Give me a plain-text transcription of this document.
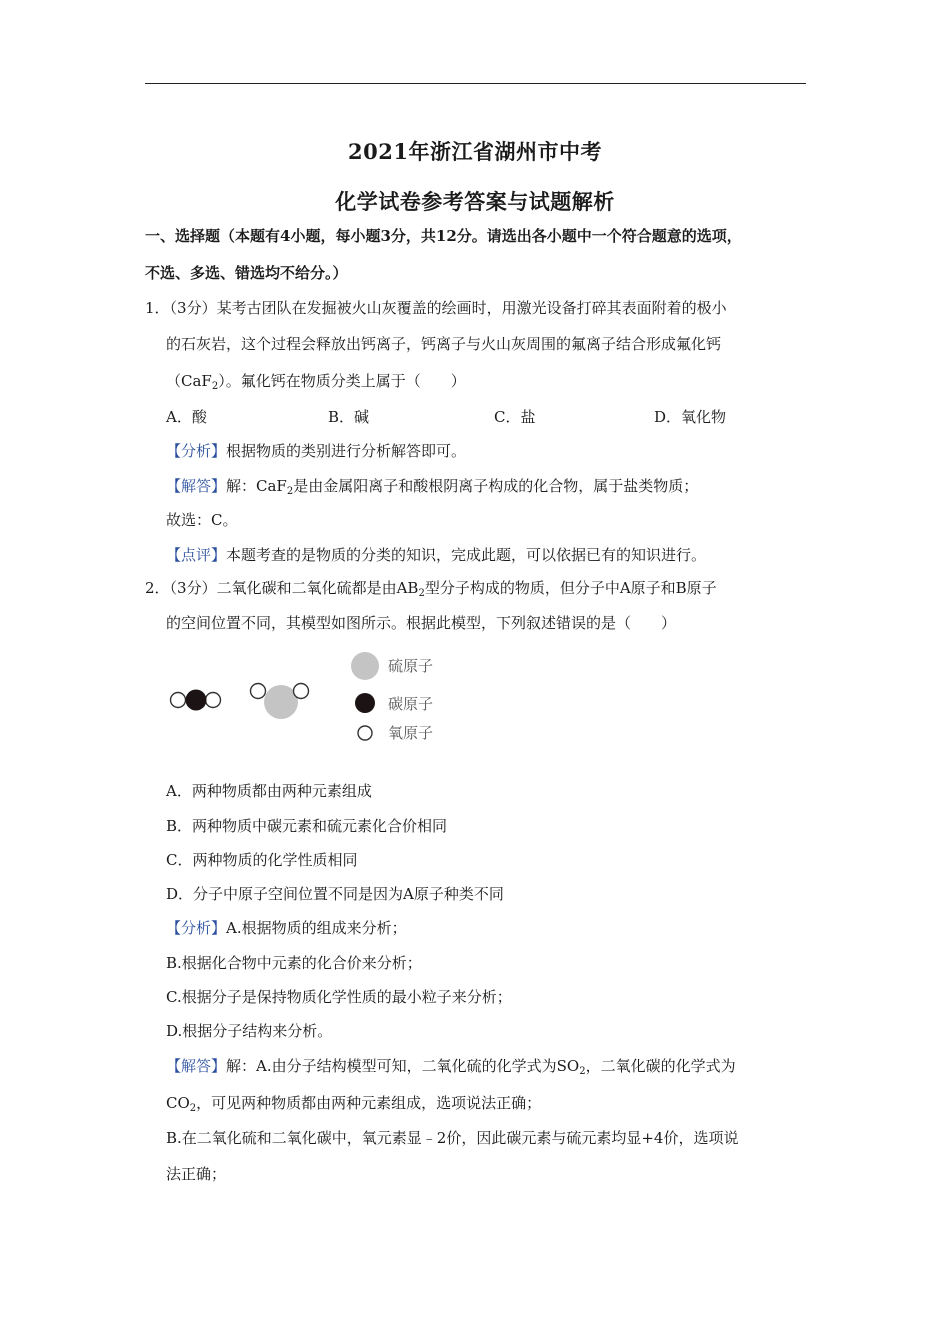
2021年浙江省湖州市中考
化学试卷参考答案与试题解析
一、选择题（本题有4小题，每小题3分，共12分。请选出各小题中一个符合题意的选项，
不选、多选、错选均不给分。）
1．（3分）某考古团队在发掘被火山灰覆盖的绘画时，用激光设备打碎其表面附着的极小
的石灰岩，这个过程会释放出钙离子，钙离子与火山灰周围的氟离子结合形成氟化钙
（CaF$_2$）。氟化钙在物质分类上属于（　　）
A．酸	B．碱	C．盐	D．氧化物
【分析】根据物质的类别进行分析解答即可。
【解答】解：CaF$_2$是由金属阳离子和酸根阴离子构成的化合物，属于盐类物质；
故选：C。
【点评】本题考查的是物质的分类的知识，完成此题，可以依据已有的知识进行。
2．（3分）二氧化碳和二氧化硫都是由$AB_2$型分子构成的物质，但分子中A原子和B原子
的空间位置不同，其模型如图所示。根据此模型，下列叙述错误的是（　　）
硫原子
碳原子
氧原子
A．两种物质都由两种元素组成
B．两种物质中碳元素和硫元素化合价相同
C．两种物质的化学性质相同
D．分子中原子空间位置不同是因为A原子种类不同
【分析】A.根据物质的组成来分析；
B.根据化合物中元素的化合价来分析；
C.根据分子是保持物质化学性质的最小粒子来分析；
D.根据分子结构来分析。
【解答】解：A.由分子结构模型可知，二氧化硫的化学式为$SO_2$，二氧化碳的化学式为
$CO_2$，可见两种物质都由两种元素组成，选项说法正确；
B.在二氧化硫和二氧化碳中，氧元素显﹣2价，因此碳元素与硫元素均显+4价，选项说
法正确；
